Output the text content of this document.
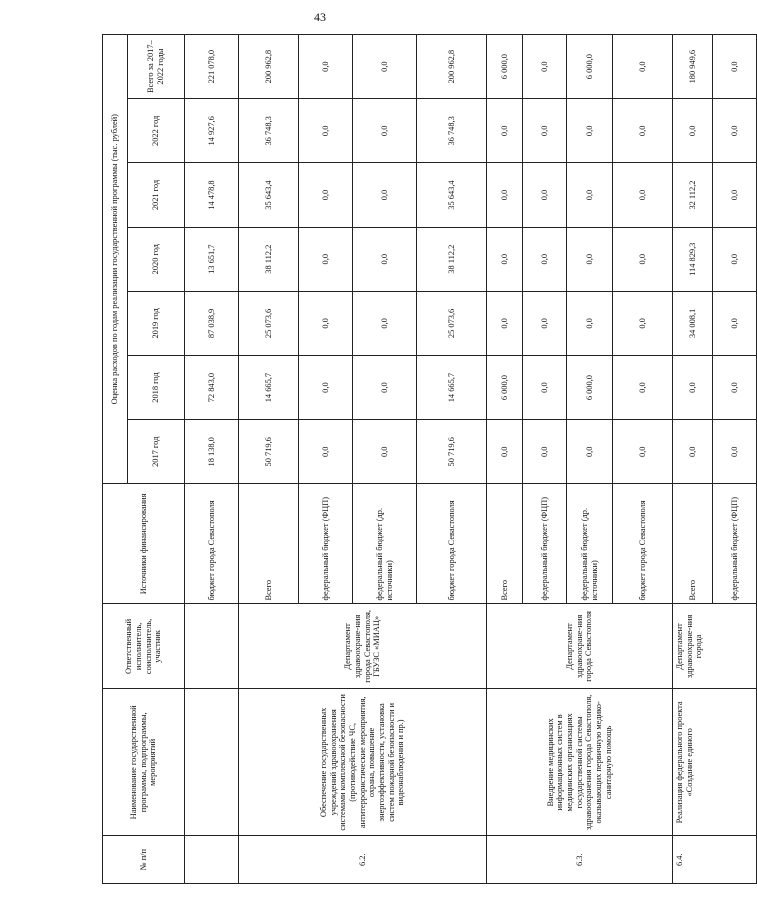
43
№ п/п	Наименование государственной программы, подпрограммы, мероприятий	Ответственный исполнитель, соисполнитель, участник	Источники финансирования	Оценка расходов по годам реализации государственной программы (тыс. рублей)						
				2017 год	2018 год	2019 год	2020 год	2021 год	2022 год	Всего за 2017–2022 годы
			бюджет города Севастополя	18 138,0	72 843,0	87 038,9	13 651,7	14 478,8	14 927,6	221 078,0
6.2.	Обеспечение государственных учреждений здравоохранения системами комплексной безопасности (противодействие ЧС, антитеррористические мероприятия, охрана, повышение энергоэффективности, установка систем пожарной безопасности и видеонаблюдения и пр.)	Департамент здравоохране-ния города Севастополя, ГБУЗС «МИАЦ»	Всего	50 719,6	14 665,7	25 073,6	38 112,2	35 643,4	36 748,3	200 962,8
			федеральный бюджет (ФЦП)	0,0	0,0	0,0	0,0	0,0	0,0	0,0
			федеральный бюджет (др. источники)	0,0	0,0	0,0	0,0	0,0	0,0	0,0
			бюджет города Севастополя	50 719,6	14 665,7	25 073,6	38 112,2	35 643,4	36 748,3	200 962,8
6.3.	Внедрение медицинских информационных систем в медицинских организациях государственной системы здравоохранения города Севастополя, оказывающих первичную медико-санитарную помощь	Департамент здравоохране-ния города Севастополя	Всего	0,0	6 000,0	0,0	0,0	0,0	0,0	6 000,0
			федеральный бюджет (ФЦП)	0,0	0,0	0,0	0,0	0,0	0,0	0,0
			федеральный бюджет (др. источники)	0,0	6 000,0	0,0	0,0	0,0	0,0	6 000,0
			бюджет города Севастополя	0,0	0,0	0,0	0,0	0,0	0,0	0,0
6.4.	Реализация федерального проекта «Создание единого	Департамент здравоохране-ния города	Всего	0,0	0,0	34 008,1	114 829,3	32 112,2	0,0	180 949,6
			федеральный бюджет (ФЦП)	0,0	0,0	0,0	0,0	0,0	0,0	0,0
